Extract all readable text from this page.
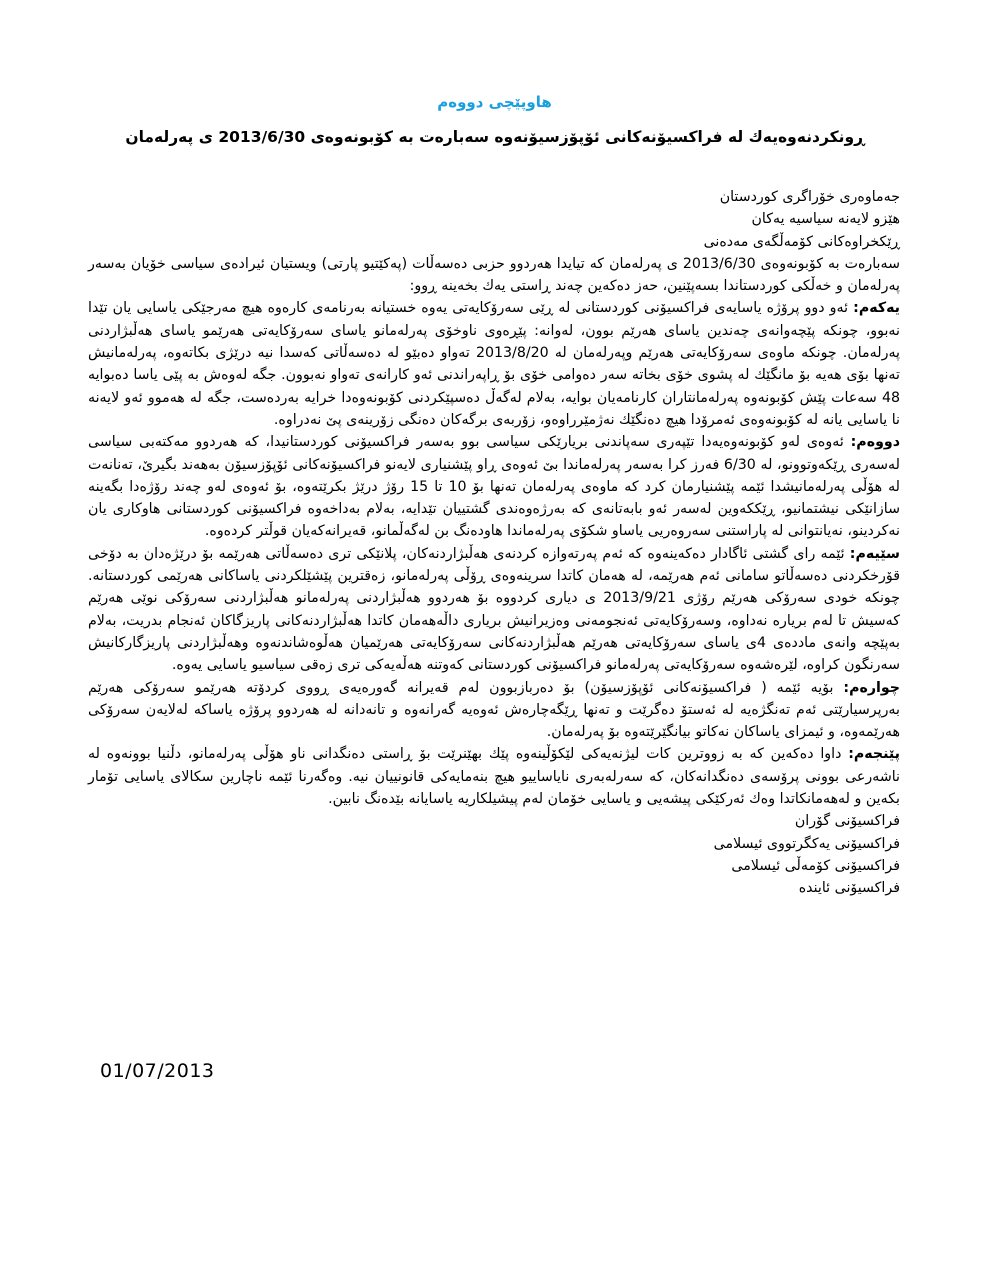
هاوپێچی دووەم
ڕونکردنەوەیەك لە فراکسیۆنەکانی ئۆپۆزسیۆنەوە سەبارەت بە کۆبونەوەی 2013/6/30 ی پەرلەمان
جەماوەری خۆراگری کوردستان
هێزو لایەنە سیاسیە یەکان
ڕێکخراوەکانی کۆمەڵگەی مەدەنی

سەبارەت بە کۆبونەوەی 2013/6/30 ی پەرلەمان کە تیایدا هەردوو حزبی دەسەڵات (پەکێتیو پارتی) ویستیان ئیرادەی سیاسی خۆیان بەسەر پەرلەمان و خەڵکی کوردستاندا بسەپێنین، حەز دەکەین چەند ڕاستی یەك بخەینە ڕوو:

یەکەم: ئەو دوو پرۆژە یاسایەی فراکسیۆنی کوردستانی لە ڕێی سەرۆکایەتی یەوە خستیانە بەرنامەی کارەوە هیچ مەرجێکی یاسایی یان تێدا نەبوو، چونکە پێچەوانەی چەندین یاسای هەرێم بوون، لەوانە: پێڕەوی ناوخۆی پەرلەمانو یاسای سەرۆکایەتی هەرێمو یاسای هەڵبژاردنی پەرلەمان. چونکە ماوەی سەرۆکایەتی هەرێم وپەرلەمان لە 2013/8/20 تەواو دەبێو لە دەسەڵاتی کەسدا نیە درێژی بکاتەوە، پەرلەمانیش تەنها بۆی هەیە بۆ مانگێك لە پشوی خۆی بخاتە سەر دەوامی خۆی بۆ ڕاپەراندنی ئەو کارانەی تەواو نەبوون. جگە لەوەش بە پێی یاسا دەبوایە 48 سەعات پێش کۆبونەوە پەرلەمانتاران کارنامەیان بوایە، بەلام لەگەڵ دەسپێکردنی کۆبونەوەدا خرایە بەردەست، جگە لە هەموو ئەو لایەنە نا یاسایی یانە لە کۆبونەوەی ئەمرۆدا هیچ دەنگێك نەژمێرراوەو، زۆربەی برگەکان دەنگی زۆرینەی پێ نەدراوە.

دووەم: ئەوەی لەو کۆبونەوەیەدا تێپەری سەپاندنی بریارێکی سیاسی بوو بەسەر فراکسیۆنی کوردستانیدا، کە هەردوو مەکتەبی سیاسی لەسەری ڕێکەوتوونو، لە 6/30 فەرز کرا بەسەر پەرلەماندا بێ ئەوەی ڕاو پێشنیاری لایەنو فراکسیۆنەکانی ئۆپۆزسیۆن بەهەند بگیرێ، تەنانەت لە هۆڵی پەرلەمانیشدا ئێمە پێشنیارمان کرد کە ماوەی پەرلەمان تەنها بۆ 10 تا 15 رۆژ درێژ بکرێتەوە، بۆ ئەوەی لەو چەند رۆژەدا بگەینە سازانێکی نیشتمانیو، ڕێککەوین لەسەر ئەو بابەتانەی کە بەرژەوەندی گشتییان تێدایە، بەلام بەداخەوە فراکسیۆنی کوردستانی هاوکاری یان نەکردینو، نەیانتوانی لە پاراستنی سەروەریی یاساو شکۆی پەرلەماندا هاودەنگ بن لەگەڵمانو، قەیرانەکەیان قوڵتر کردەوە.

سێیەم: ئێمە رای گشتی ئاگادار دەکەینەوە کە ئەم پەرتەوازە کردنەی هەڵبژاردنەکان، پلانێکی تری دەسەڵاتی هەرێمە بۆ درێژەدان بە دۆخی قۆرخکردنی دەسەڵاتو سامانی ئەم هەرێمە، لە هەمان کاتدا سرینەوەی ڕۆڵی پەرلەمانو، زەقترین پێشێلکردنی یاساکانی هەرێمی کوردستانە. چونکە خودی سەرۆکی هەرێم رۆژی 2013/9/21 ی دیاری کردووە بۆ هەردوو هەڵبژاردنی پەرلەمانو هەڵبژاردنی سەرۆکی نوێی هەرێم کەسیش تا لەم بریارە نەداوە، وسەرۆکایەتی ئەنجومەنی وەزیرانیش بریاری داڵەهەمان کاتدا هەڵبژاردنەکانی پاریزگاکان ئەنجام بدریت، بەلام بەپێچە وانەی ماددەی 4ی یاسای سەرۆکایەتی هەرێم هەڵبژاردنەکانی سەرۆکایەتی هەرێمیان هەڵوەشاندنەوە وهەڵبژاردنی پاریزگارکانیش سەرنگون کراوە، لێرەشەوە سەرۆکایەتی پەرلەمانو فراکسیۆنی کوردستانی کەوتنە هەڵەیەکی تری زەقی سیاسیو یاسایی یەوە.

چوارەم: بۆیە ئێمە ( فراکسیۆنەکانی ئۆپۆزسیۆن) بۆ دەربازبوون لەم قەیرانە گەورەیەی ڕووی کردۆتە هەرێمو سەرۆکی هەرێم بەرپرسیارێتی ئەم تەنگژەیە لە ئەستۆ دەگرێت و تەنها ڕێگەچارەش ئەوەیە گەرانەوە و تانەدانە لە هەردوو پرۆژە یاساکە لەلایەن سەرۆکی هەرێمەوە، و ئیمزای یاساکان نەکاتو بیانگێرێتەوە بۆ پەرلەمان.

پێنجەم: داوا دەکەین کە بە زووترین کات لیژنەیەکی لێکۆڵینەوە پێك بهێنرێت بۆ ڕاستی دەنگدانی ناو هۆڵی پەرلەمانو، دڵنیا بوونەوە لە ناشەرعی بوونی پرۆسەی دەنگدانەکان، کە سەرلەبەری نایاساییو هیچ بنەمایەکی قانونییان نیە. وەگەرنا ئێمە ناچارین سکالای یاسایی تۆمار بکەین و لەهەمانکاتدا وەك ئەرکێکی پیشەیی و یاسایی خۆمان لەم پیشیلکاریە یاسایانە بێدەنگ نابین.

فراکسیۆنی گۆران
فراکسیۆنی یەکگرتووی ئیسلامی
فراکسیۆنی کۆمەڵی ئیسلامی
فراکسیۆنی ئایندە
01/07/2013
